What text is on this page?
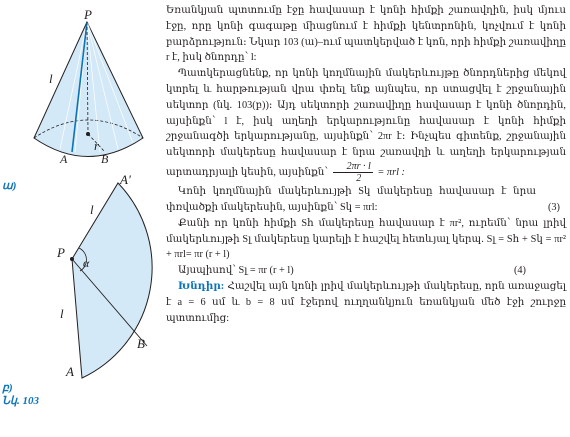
P
l
r
A	B
ա)	A'
l
P
α
l
B
A
բ)
Նկ. 103

Եռանկյան պտտումը էջը հավասար է կոնի հիմքի շառավղին, իսկ մյուս էջը, որը կոնի գագաթը միացնում է հիմքի կենտրոնին, կոչվում է կոնի բարձրություն։ Նկար 103 (ա)–ում պատկերված է կոն, որի հիմքի շառավիղը r է, իսկ ծնորդը՝ l:

Պատկերացնենք, որ կոնի կողմնային մակերևույթը ծնորդներից մեկով կտրել և հարթության վրա փռել ենք այնպես, որ ստացվել է շրջանային սեկտոր (նկ. 103(բ))։ Այդ սեկտորի շառավիղը հավասար է կոնի ծնորդին, այսինքն՝ l է, իսկ աղեղի երկարությունը հավասար է կոնի հիմքի շրջանագծի երկարությանը, այսինքն՝ 2πr է։ Ինչպես գիտենք, շրջանային սեկտորի մակերեսը հավասար է նրա շառավղի և աղեղի երկարության արտադրյալի կեսին, այսինքն՝ $\frac{2\pi r \cdot l}{2} = \pi rl$ :

Կոնի կողմնային մակերևույթի Sկ մակերեսը հավասար է նրա փռվածքի մակերեսին, այսինքն՝ Sկ = πrl:	(3)

Քանի որ կոնի հիմքի Sհ մակերեսը հավասար է πr², ուրեմն՝ նրա լրիվ մակերևույթի Sլ մակերեսը կարելի է հաշվել հետևյալ կերպ. Sլ = Sհ + Sկ = πr² + πrl= πr (r + l)

Այսպիսով՝ Sլ = πr (r + l)	(4)

Խնդիր: Հաշվել այն կոնի լրիվ մակերևույթի մակերեսը, որն առաջացել է a = 6 սմ և b = 8 սմ էջերով ուղղանկյուն եռանկյան մեծ էջի շուրջը պտտումից:
